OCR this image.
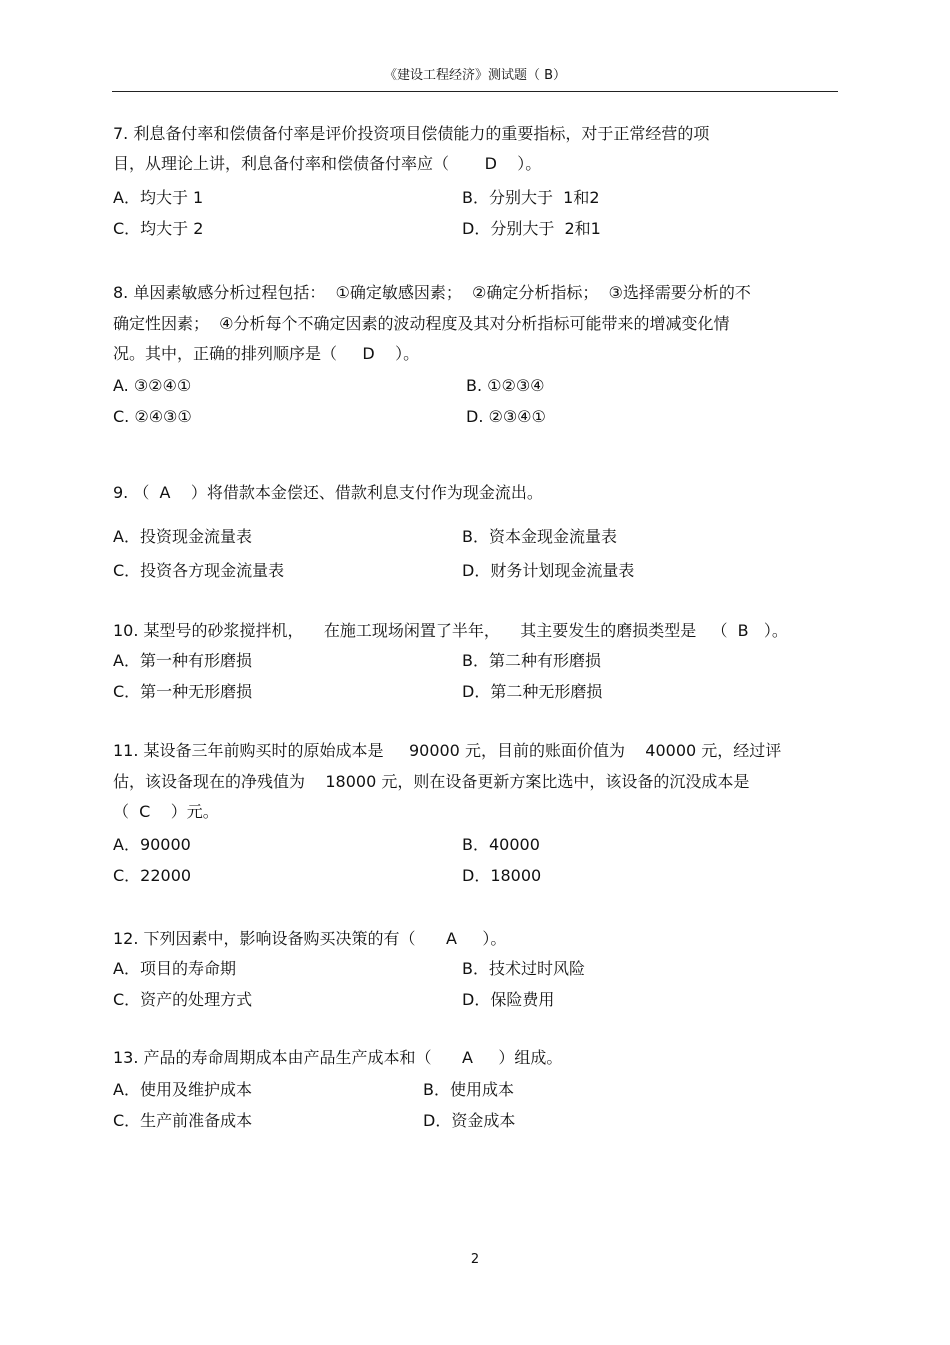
《建设工程经济》测试题（ B）
7. 利息备付率和偿债备付率是评价投资项目偿债能力的重要指标，对于正常经营的项
目，从理论上讲，利息备付率和偿债备付率应（       D    ）。
A．均大于 1	B．分别大于  1和2
C．均大于 2	D．分别大于  2和1
8. 单因素敏感分析过程包括：  ①确定敏感因素；  ②确定分析指标；  ③选择需要分析的不
确定性因素；  ④分析每个不确定因素的波动程度及其对分析指标可能带来的增减变化情
况。其中，正确的排列顺序是（     D    ）。
A. ③②④①	B. ①②③④
C. ②④③①	D. ②③④①
9. （  A    ）将借款本金偿还、借款利息支付作为现金流出。
A．投资现金流量表	B．资本金现金流量表
C．投资各方现金流量表	D．财务计划现金流量表
10. 某型号的砂浆搅拌机，    在施工现场闲置了半年，    其主要发生的磨损类型是   （  B   ）。
A．第一种有形磨损	B．第二种有形磨损
C．第一种无形磨损	D．第二种无形磨损
11. 某设备三年前购买时的原始成本是     90000 元，目前的账面价值为    40000 元，经过评
估，该设备现在的净残值为    18000 元，则在设备更新方案比选中，该设备的沉没成本是
（  C    ）元。
A．90000	B．40000
C．22000	D．18000
12. 下列因素中，影响设备购买决策的有（      A     ）。
A．项目的寿命期	B．技术过时风险
C．资产的处理方式	D．保险费用
13. 产品的寿命周期成本由产品生产成本和（      A     ）组成。
A．使用及维护成本	B．使用成本
C．生产前准备成本	D．资金成本
2
